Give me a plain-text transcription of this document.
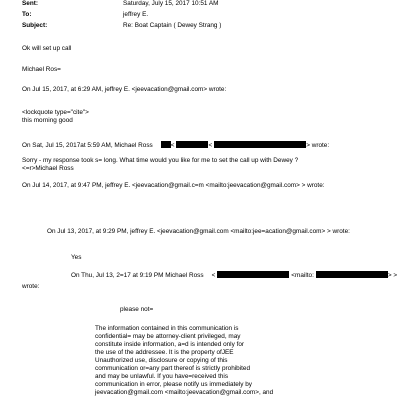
Sent:	Saturday, July 15, 2017 10:51 AM
To:	jeffrey E.
Subject:	Re: Boat Captain ( Dewey Strang )
Ok will set up call
Michael Ros=
On Jul 15, 2017, at 6:29 AM, jeffrey E. <jeevacation@gmail.com> wrote:
<lockquote type="cite">
this morning good
On Sat, Jul 15, 2017at 5:59 AM, Michael Ross	<	<	> wrote:
Sorry - my response took s= long. What time would you like for me to set the call up with Dewey ?
<=r>Michael Ross
On Jul 14, 2017, at 9:47 PM, jeffrey E. <jeevacation@gmail.c=m <mailto:jeevacation@gmail.com> > wrote:
On Jul 13, 2017, at 9:29 PM, jeffrey E. <jeevacation@gmail.com <mailto:jee=acation@gmail.com> > wrote:
Yes
On Thu, Jul 13, 2=17 at 9:19 PM Michael Ross <	<mailto:	> >
wrote:
please not=
The information contained in this communication is
confidential= may be attorney-client privileged, may
constitute inside information, a=d is intended only for
the use of the addressee. It is the property ofJEE
Unauthorized use, disclosure or copying of this
communication or=any part thereof is strictly prohibited
and may be unlawful. If you have=received this
communication in error, please notify us immediately by
jeevacation@gmail.com <mailto:jeevacation@gmail.com>, and
